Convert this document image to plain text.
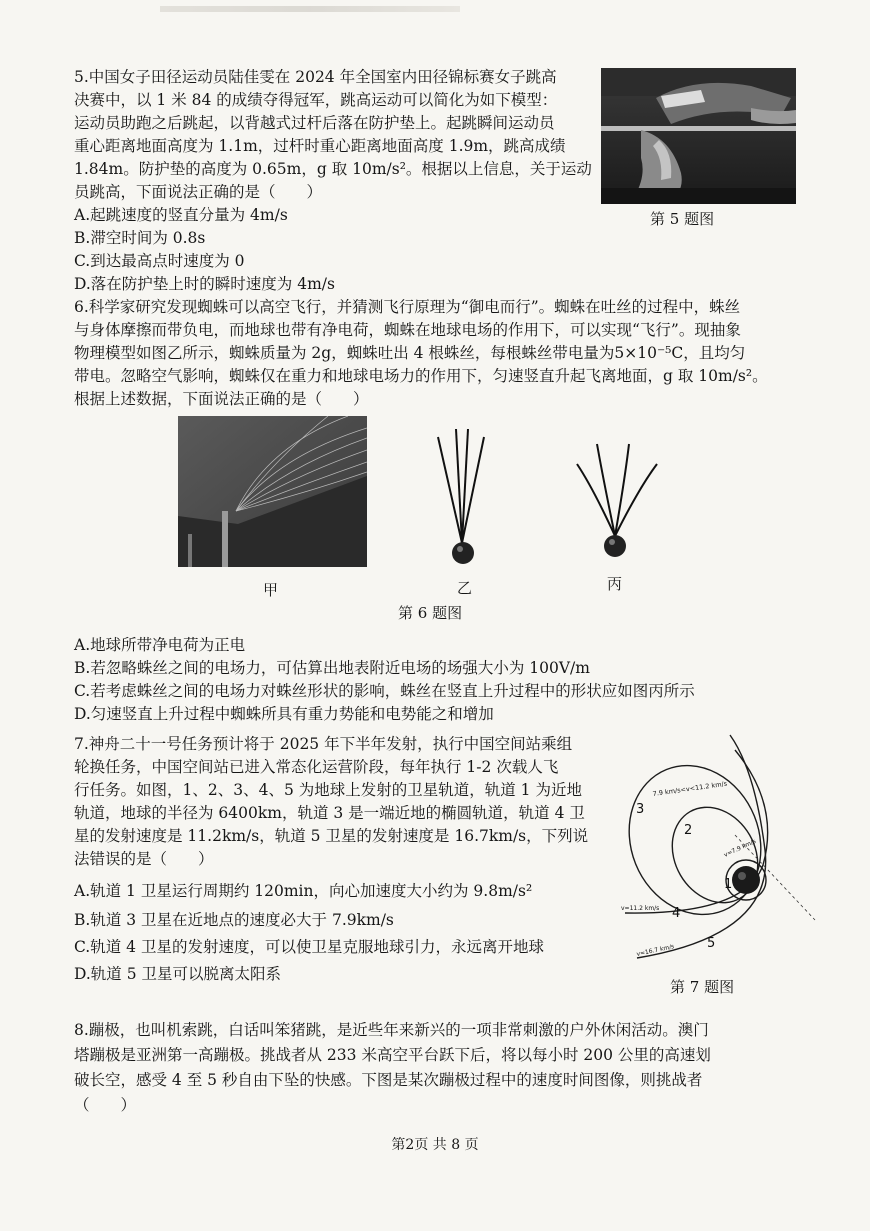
5.中国女子田径运动员陆佳雯在 2024 年全国室内田径锦标赛女子跳高
决赛中，以 1 米 84 的成绩夺得冠军，跳高运动可以简化为如下模型：
运动员助跑之后跳起，以背越式过杆后落在防护垫上。起跳瞬间运动员
重心距离地面高度为 1.1m，过杆时重心距离地面高度 1.9m，跳高成绩
1.84m。防护垫的高度为 0.65m，g 取 10m/s²。根据以上信息，关于运动
员跳高，下面说法正确的是（　　）
A.起跳速度的竖直分量为 4m/s
B.滞空时间为 0.8s
C.到达最高点时速度为 0
D.落在防护垫上时的瞬时速度为 4m/s
第 5 题图
6.科学家研究发现蜘蛛可以高空飞行，并猜测飞行原理为“御电而行”。蜘蛛在吐丝的过程中，蛛丝
与身体摩擦而带负电，而地球也带有净电荷，蜘蛛在地球电场的作用下，可以实现“飞行”。现抽象
物理模型如图乙所示，蜘蛛质量为 2g，蜘蛛吐出 4 根蛛丝，每根蛛丝带电量为5×10⁻⁵C，且均匀
带电。忽略空气影响，蜘蛛仅在重力和地球电场力的作用下，匀速竖直升起飞离地面，g 取 10m/s²。
根据上述数据，下面说法正确的是（　　）
甲	乙	丙
第 6 题图
A.地球所带净电荷为正电
B.若忽略蛛丝之间的电场力，可估算出地表附近电场的场强大小为 100V/m
C.若考虑蛛丝之间的电场力对蛛丝形状的影响，蛛丝在竖直上升过程中的形状应如图丙所示
D.匀速竖直上升过程中蜘蛛所具有重力势能和电势能之和增加
7.神舟二十一号任务预计将于 2025 年下半年发射，执行中国空间站乘组
轮换任务，中国空间站已进入常态化运营阶段，每年执行 1-2 次载人飞
行任务。如图，1、2、3、4、5 为地球上发射的卫星轨道，轨道 1 为近地
轨道，地球的半径为 6400km，轨道 3 是一端近地的椭圆轨道，轨道 4 卫
星的发射速度是 11.2km/s，轨道 5 卫星的发射速度是 16.7km/s，下列说
法错误的是（　　）
A.轨道 1 卫星运行周期约 120min，向心加速度大小约为 9.8m/s²
B.轨道 3 卫星在近地点的速度必大于 7.9km/s
C.轨道 4 卫星的发射速度，可以使卫星克服地球引力，永远离开地球
D.轨道 5 卫星可以脱离太阳系
3
2
1
4
5
7.9 km/s<v<11.2 km/s
v=7.9 km/s
v=11.2 km/s
v=16.7 km/s
第 7 题图
8.蹦极，也叫机索跳，白话叫笨猪跳，是近些年来新兴的一项非常刺激的户外休闲活动。澳门
塔蹦极是亚洲第一高蹦极。挑战者从 233 米高空平台跃下后，将以每小时 200 公里的高速划
破长空，感受 4 至 5 秒自由下坠的快感。下图是某次蹦极过程中的速度时间图像，则挑战者
（　　）
第2页 共 8 页
